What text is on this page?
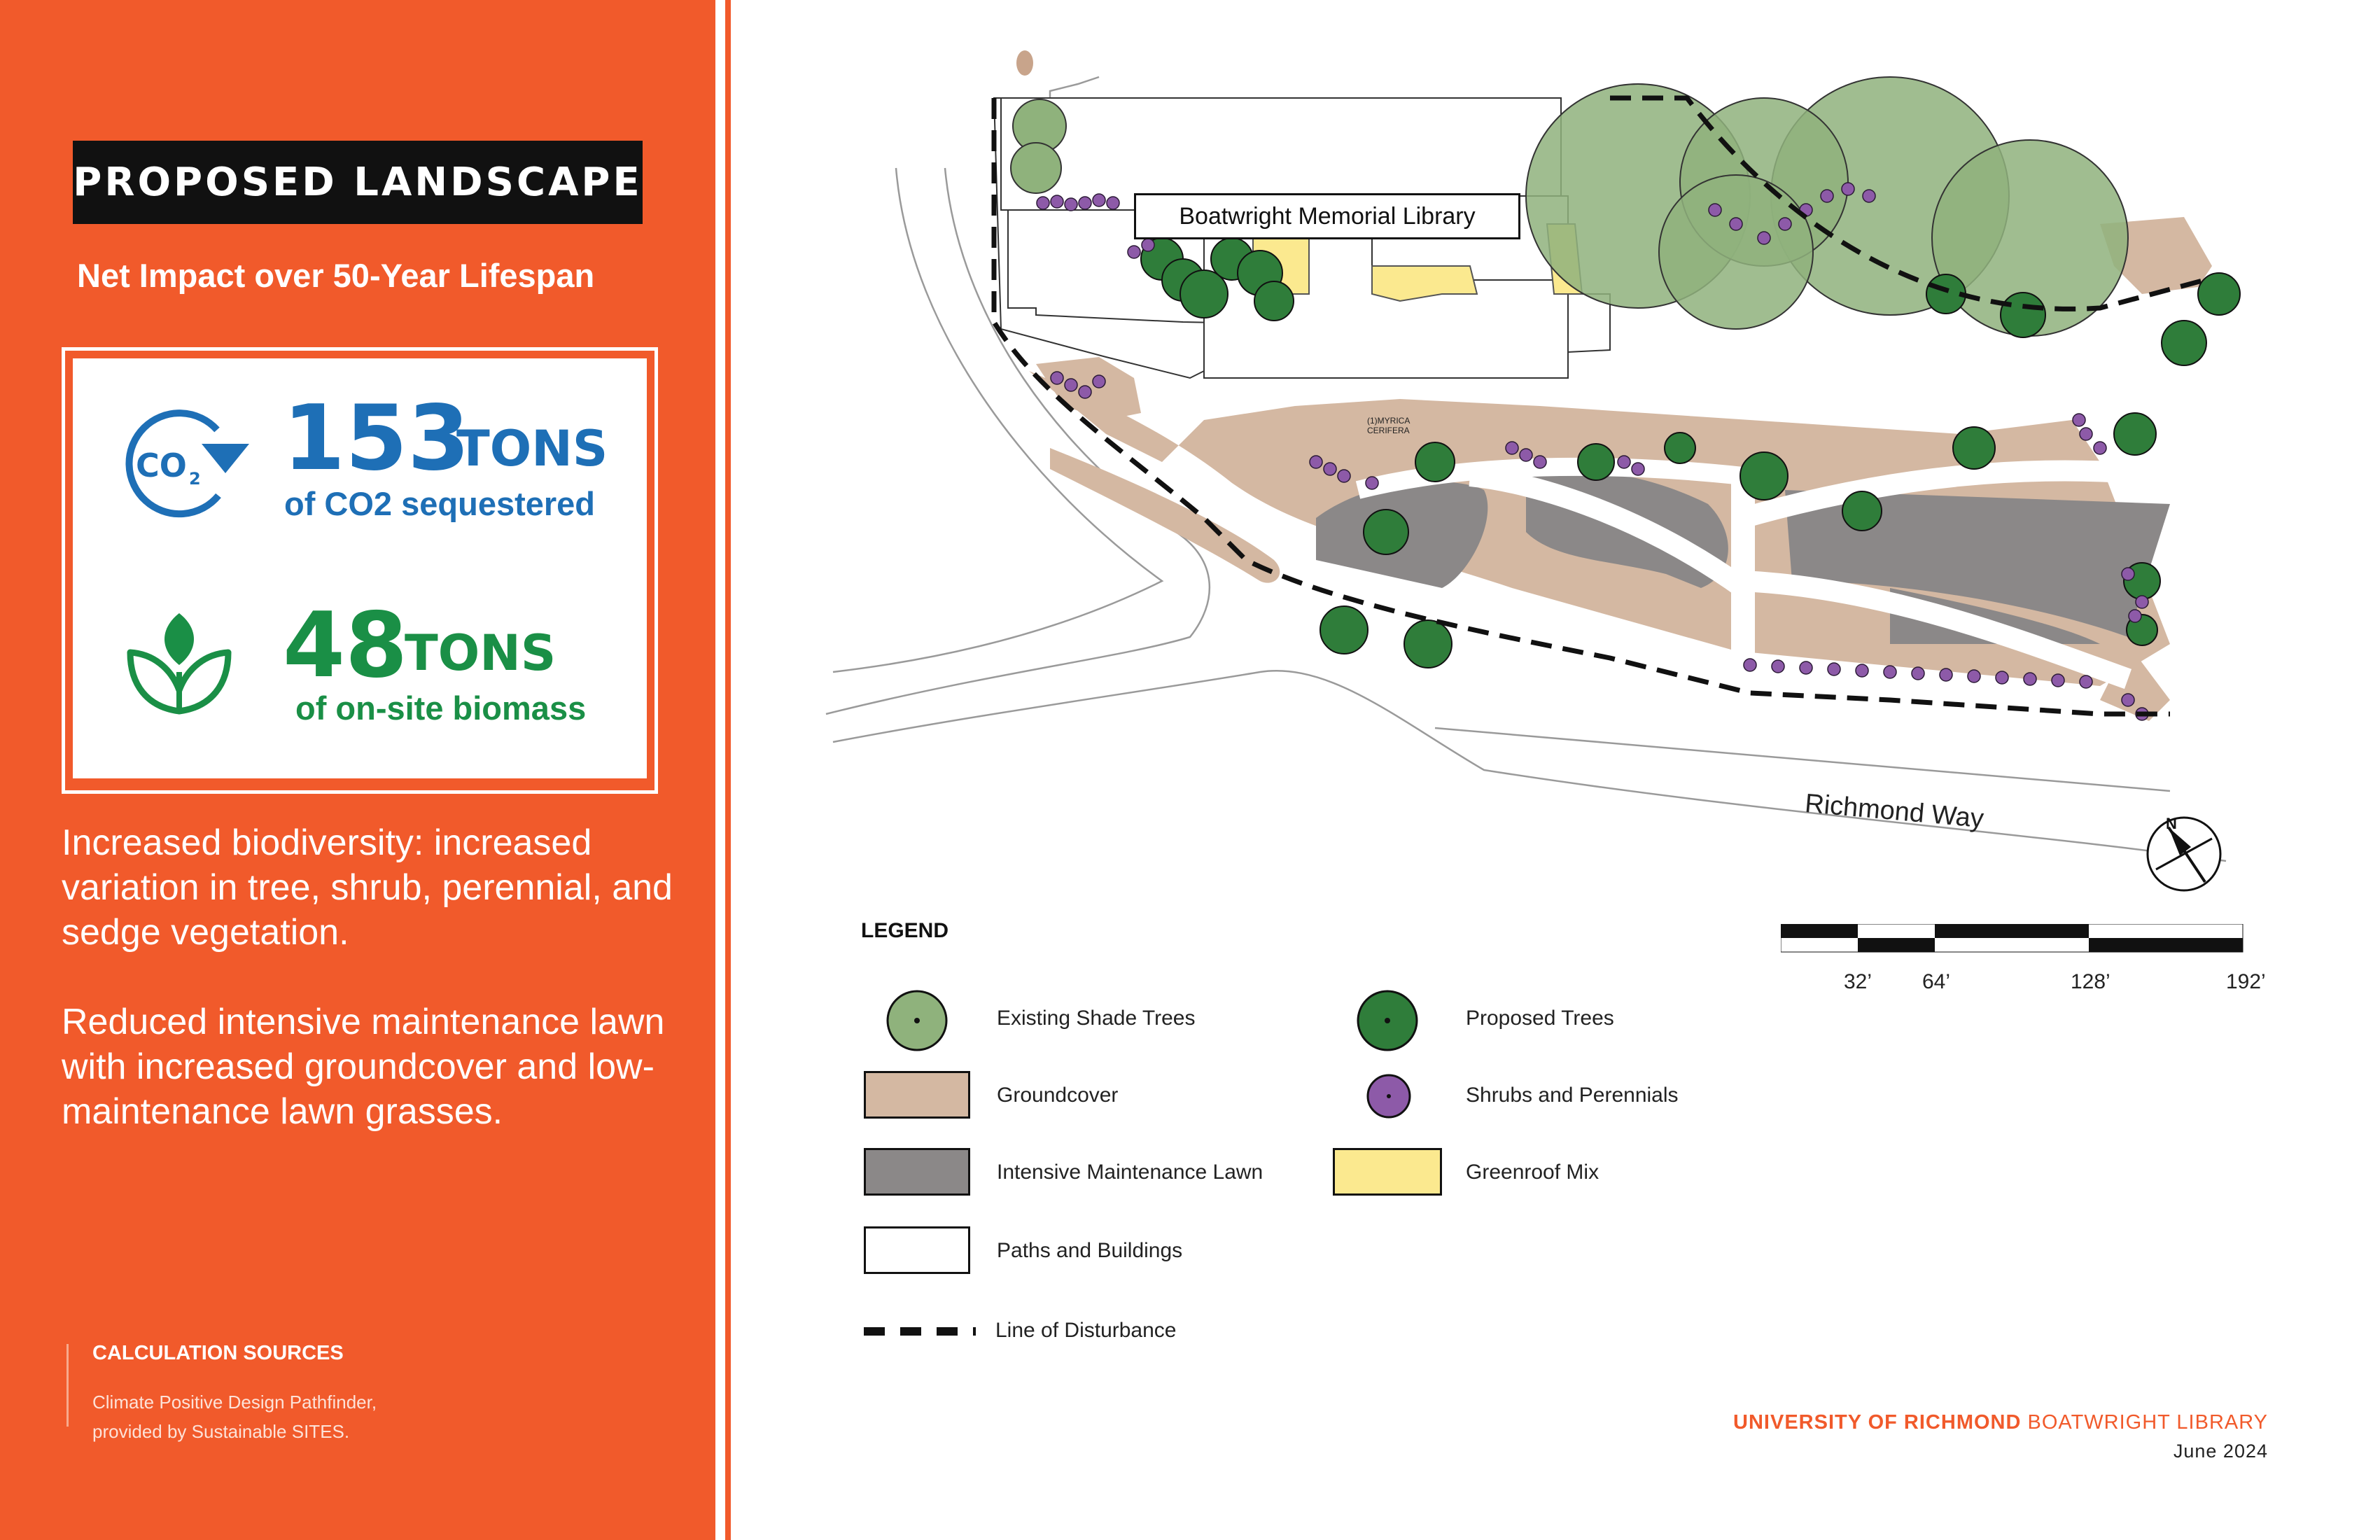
PROPOSED LANDSCAPE
Net Impact over 50-Year Lifespan
CO 2 153
TONS
of CO2 sequestered
48
TONS
of on-site biomass
Increased biodiversity: increased
variation in tree, shrub, perennial, and
sedge vegetation.
Reduced intensive maintenance lawn
with increased groundcover and low-
maintenance lawn grasses.
CALCULATION SOURCES
Climate Positive Design Pathfinder,
provided by Sustainable SITES.
Boatwright Memorial Library
(1)MYRICA
CERIFERA
Richmond Way	N
LEGEND
Existing Shade Trees
Groundcover
Intensive Maintenance Lawn
Paths and Buildings
Line of Disturbance
Proposed Trees
Shrubs and Perennials
Greenroof Mix
32’ 64’	128’	192’
UNIVERSITY OF RICHMOND BOATWRIGHT LIBRARY
June 2024
